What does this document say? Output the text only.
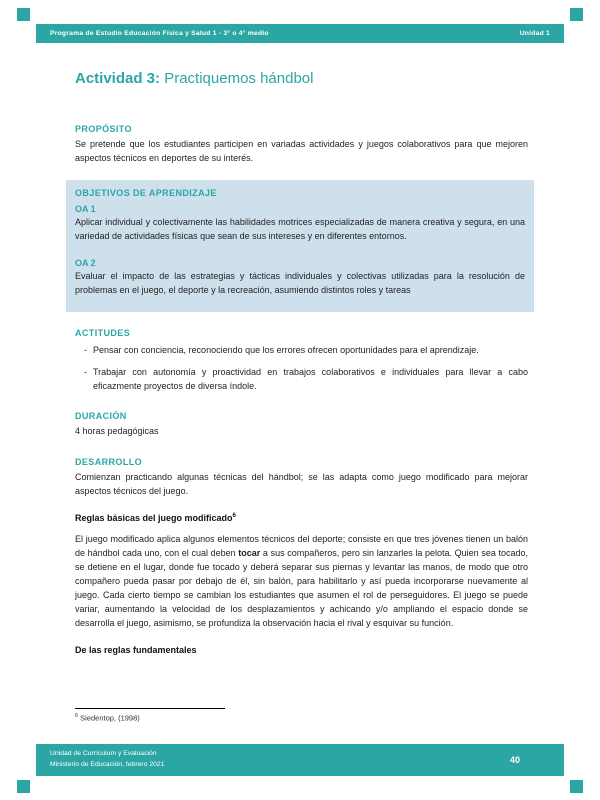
Programa de Estudio Educación Física y Salud 1 - 3° o 4° medio	Unidad 1
Actividad 3: Practiquemos hándbol
PROPÓSITO

Se pretende que los estudiantes participen en variadas actividades y juegos colaborativos para que mejoren aspectos técnicos en deportes de su interés.

OBJETIVOS DE APRENDIZAJE
OA 1

Aplicar individual y colectivamente las habilidades motrices especializadas de manera creativa y segura, en una variedad de actividades físicas que sean de sus intereses y en diferentes entornos.

OA 2

Evaluar el impacto de las estrategias y tácticas individuales y colectivas utilizadas para la resolución de problemas en el juego, el deporte y la recreación, asumiendo distintos roles y tareas

ACTITUDES
- Pensar con conciencia, reconociendo que los errores ofrecen oportunidades para el aprendizaje.

- Trabajar con autonomía y proactividad en trabajos colaborativos e individuales para llevar a cabo eficazmente proyectos de diversa índole.

DURACIÓN

4 horas pedagógicas

DESARROLLO

Comienzan practicando algunas técnicas del hándbol; se las adapta como juego modificado para mejorar aspectos técnicos del juego.

Reglas básicas del juego modificado$^6$

El juego modificado aplica algunos elementos técnicos del deporte; consiste en que tres jóvenes tienen un balón de hándbol cada uno, con el cual deben tocar a sus compañeros, pero sin lanzarles la pelota. Quien sea tocado, se detiene en el lugar, donde fue tocado y deberá separar sus piernas y levantar las manos, de modo que otro compañero pueda pasar por debajo de él, sin balón, para habilitarlo y así pueda incorporarse nuevamente al juego. Cada cierto tiempo se cambian los estudiantes que asumen el rol de perseguidores. El juego se puede variar, aumentando la velocidad de los desplazamientos y achicando y/o ampliando el espacio donde se desarrolla el juego, asimismo, se profundiza la observación hacia el rival y esquivar su función.

De las reglas fundamentales

$^6$ Siedentop, (1998)

Unidad de Currículum y Evaluación
Ministerio de Educación, febrero 2021	40
